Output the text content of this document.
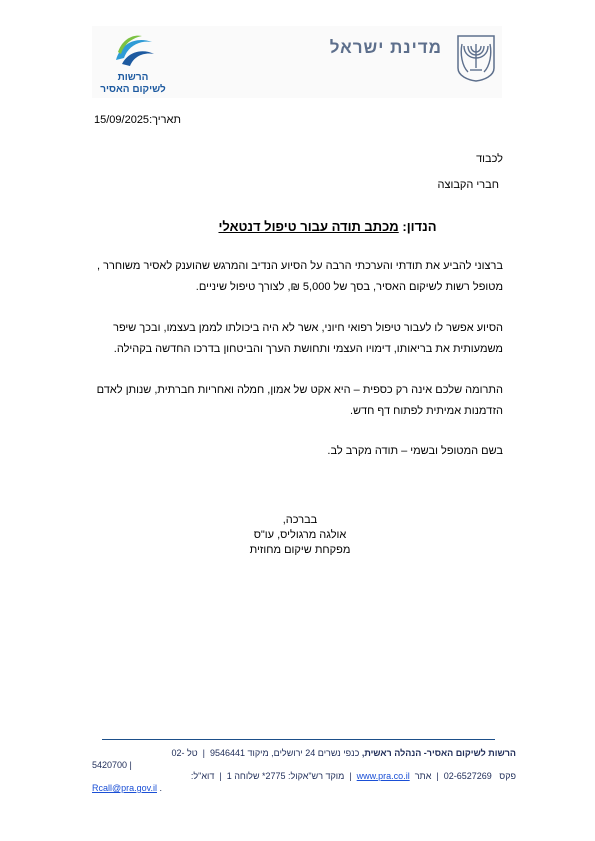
הרשות
לשיקום האסיר
מדינת ישראל
תאריך:15/09/2025
לכבוד
חברי הקבוצה
הנדון: מכתב תודה עבור טיפול דנטאלי
ברצוני להביע את תודתי והערכתי הרבה על הסיוע הנדיב והמרגש שהוענק לאסיר משוחרר , מטופל רשות לשיקום האסיר, בסך של 5,000 ₪, לצורך טיפול שיניים.
הסיוע אפשר לו לעבור טיפול רפואי חיוני, אשר לא היה ביכולתו לממן בעצמו, ובכך שיפר משמעותית את בריאותו, דימויו העצמי ותחושת הערך והביטחון בדרכו החדשה בקהילה.
התרומה שלכם אינה רק כספית – היא אקט של אמון, חמלה ואחריות חברתית, שנותן לאדם הזדמנות אמיתית לפתוח דף חדש.
בשם המטופל ובשמי – תודה מקרב לב.
בברכה,
אולגה מרגוליס, עו"ס
מפקחת שיקום מחוזית
הרשות לשיקום האסיר- הנהלה ראשית, כנפי נשרים 24 ירושלים, מיקוד 9546441  |  טל -02
5420700 |
פקס   02-6527269  |  אתר  www.pra.co.il  |  מוקד רש"אקול: 2775* שלוחה 1  |  דוא"ל:
Rcall@pra.gov.il .
